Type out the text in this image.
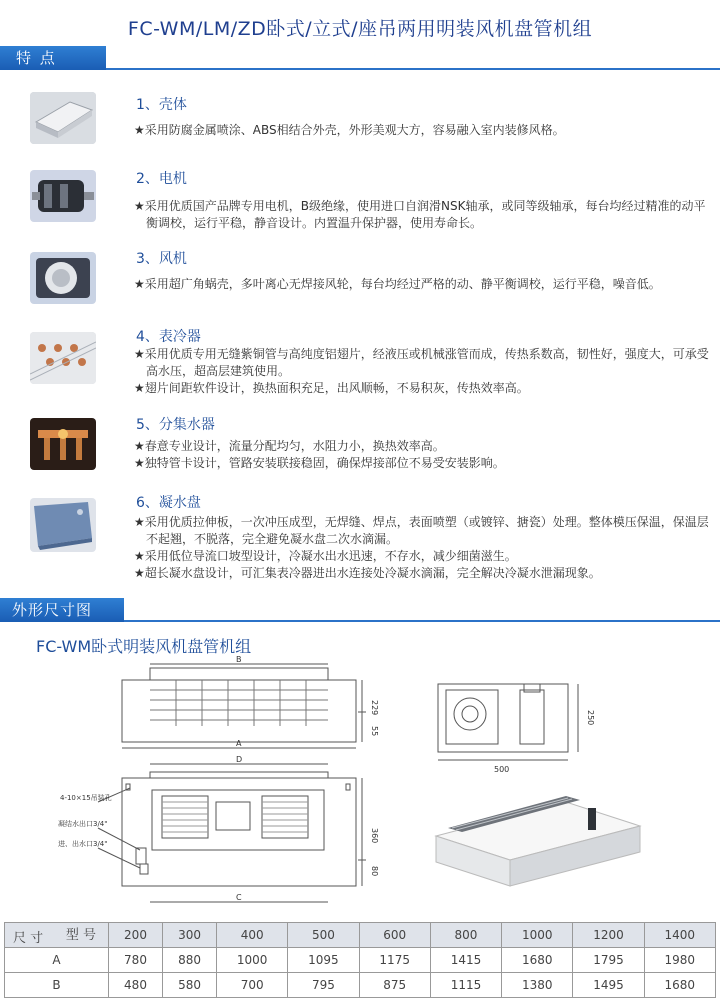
FC-WM/LM/ZD卧式/立式/座吊两用明装风机盘管机组
特 点
1、壳体

★采用防腐金属喷涂、ABS相结合外壳，外形美观大方，容易融入室内装修风格。

2、电机

★采用优质国产品牌专用电机，B级绝缘，使用进口自润滑NSK轴承，或同等级轴承，每台均经过精准的动平衡调校，运行平稳，静音设计。内置温升保护器，使用寿命长。

3、风机

★采用超广角蜗壳，多叶离心无焊接风轮，每台均经过严格的动、静平衡调校，运行平稳，噪音低。

4、表冷器

★采用优质专用无缝紫铜管与高纯度铝翅片，经液压或机械涨管而成，传热系数高，韧性好，强度大，可承受高水压，超高层建筑使用。

★翅片间距软件设计，换热面积充足，出风顺畅，不易积灰，传热效率高。

5、分集水器

★春意专业设计，流量分配均匀，水阻力小，换热效率高。

★独特管卡设计，管路安装联接稳固，确保焊接部位不易受安装影响。

6、凝水盘

★采用优质拉伸板，一次冲压成型，无焊缝、焊点，表面喷塑（或镀锌、搪瓷）处理。整体模压保温，保温层不起翘，不脱落，完全避免凝水盘二次水滴漏。

★采用低位导流口坡型设计，冷凝水出水迅速，不存水，减少细菌滋生。

★超长凝水盘设计，可汇集表冷器进出水连接处冷凝水滴漏，完全解决冷凝水泄漏现象。

外形尺寸图
FC-WM卧式明装风机盘管机组
B
A
D
C
229
55
360
80
500
250
4-10×15吊装孔
凝结水出口3/4"
进、出水口3/4"
型 号
尺 寸	200	300	400	500	600	800	1000	1200	1400
A	780	880	1000	1095	1175	1415	1680	1795	1980
B	480	580	700	795	875	1115	1380	1495	1680
